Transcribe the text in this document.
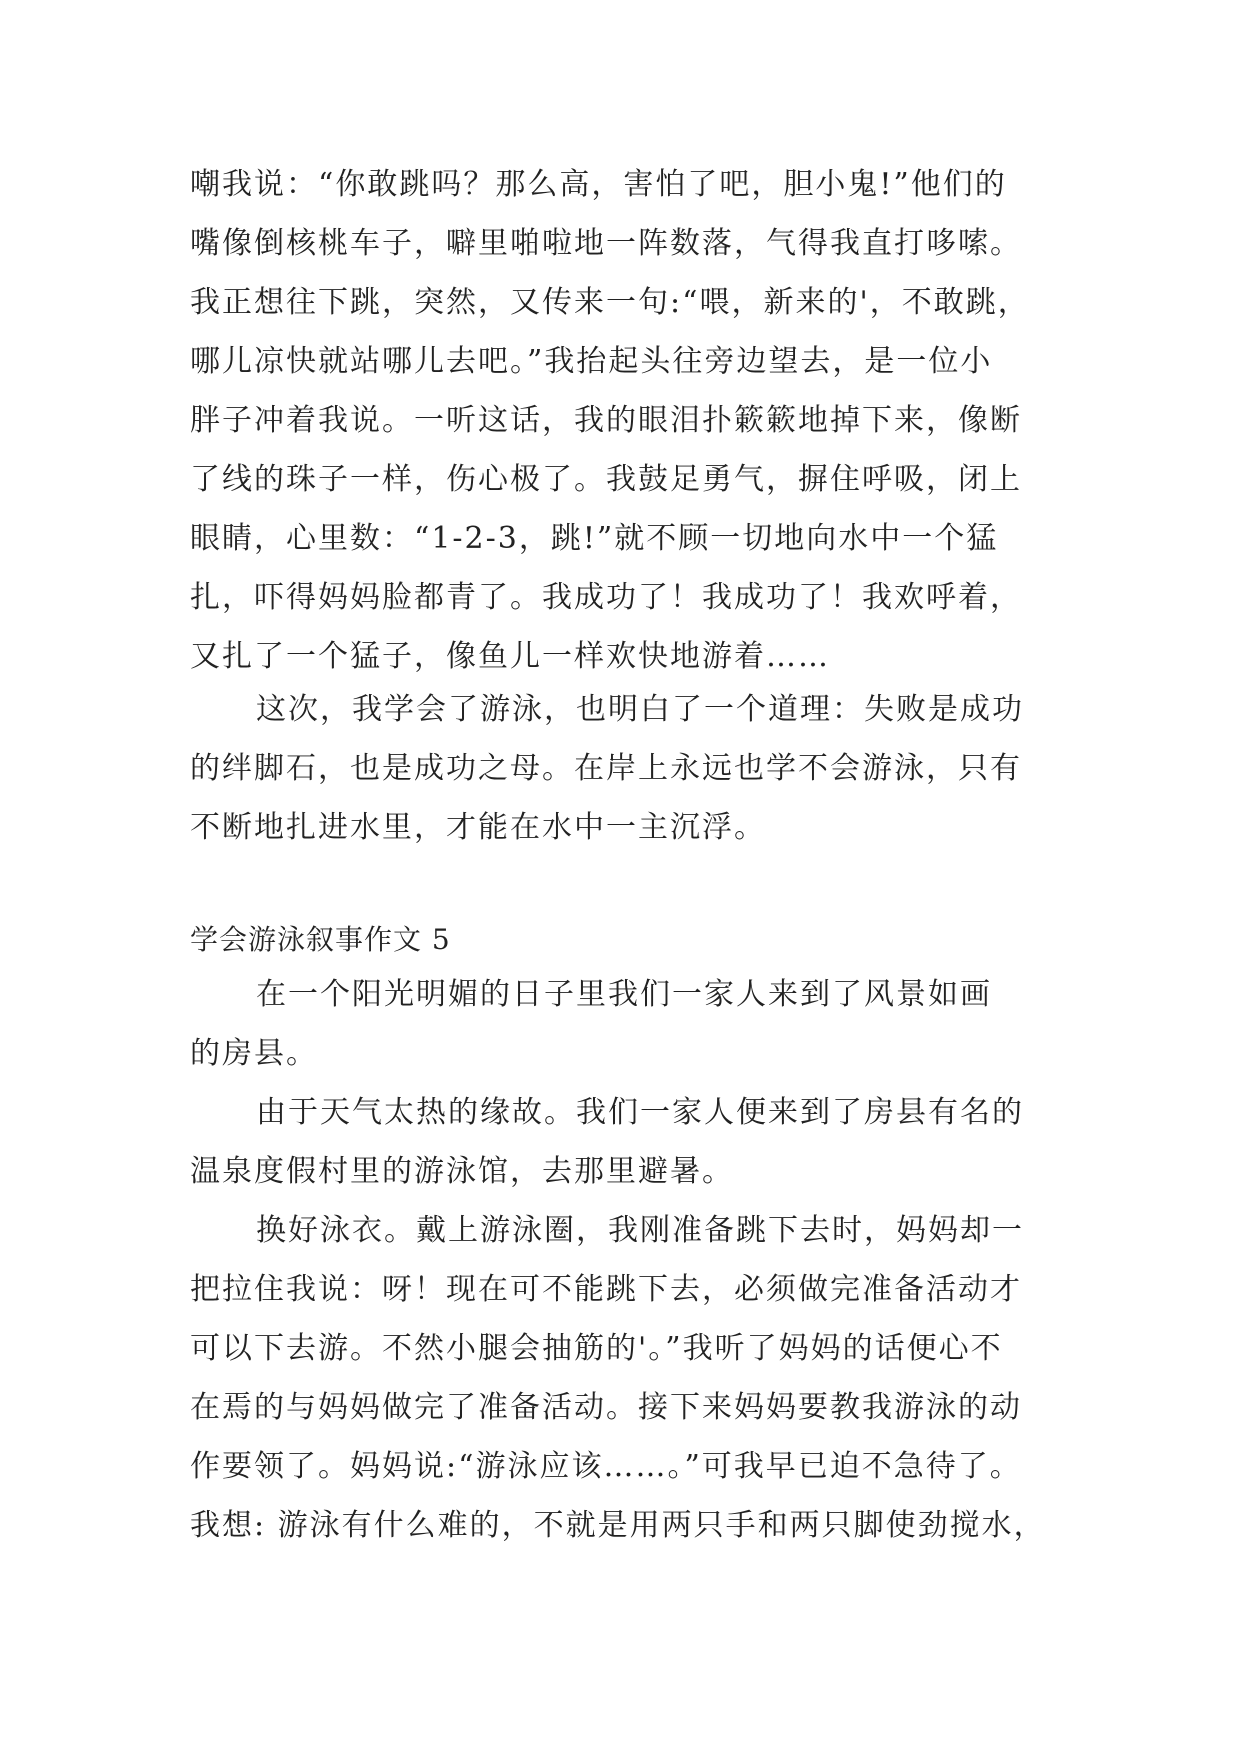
嘲我说：“你敢跳吗？那么高，害怕了吧，胆小鬼!”他们的
嘴像倒核桃车子，噼里啪啦地一阵数落，气得我直打哆嗦。
我正想往下跳，突然，又传来一句:“喂，新来的'，不敢跳，
哪儿凉快就站哪儿去吧。”我抬起头往旁边望去，是一位小
胖子冲着我说。一听这话，我的眼泪扑簌簌地掉下来，像断
了线的珠子一样，伤心极了。我鼓足勇气，摒住呼吸，闭上
眼睛，心里数：“1-2-3，跳!”就不顾一切地向水中一个猛
扎，吓得妈妈脸都青了。我成功了！我成功了！我欢呼着，
又扎了一个猛子，像鱼儿一样欢快地游着……
这次，我学会了游泳，也明白了一个道理：失败是成功
的绊脚石，也是成功之母。在岸上永远也学不会游泳，只有
不断地扎进水里，才能在水中一主沉浮。
学会游泳叙事作文 5
在一个阳光明媚的日子里我们一家人来到了风景如画
的房县。
由于天气太热的缘故。我们一家人便来到了房县有名的
温泉度假村里的游泳馆，去那里避暑。
换好泳衣。戴上游泳圈，我刚准备跳下去时，妈妈却一
把拉住我说：呀！现在可不能跳下去，必须做完准备活动才
可以下去游。不然小腿会抽筋的'。”我听了妈妈的话便心不
在焉的与妈妈做完了准备活动。接下来妈妈要教我游泳的动
作要领了。妈妈说:“游泳应该……。”可我早已迫不急待了。
我想: 游泳有什么难的，不就是用两只手和两只脚使劲搅水，
